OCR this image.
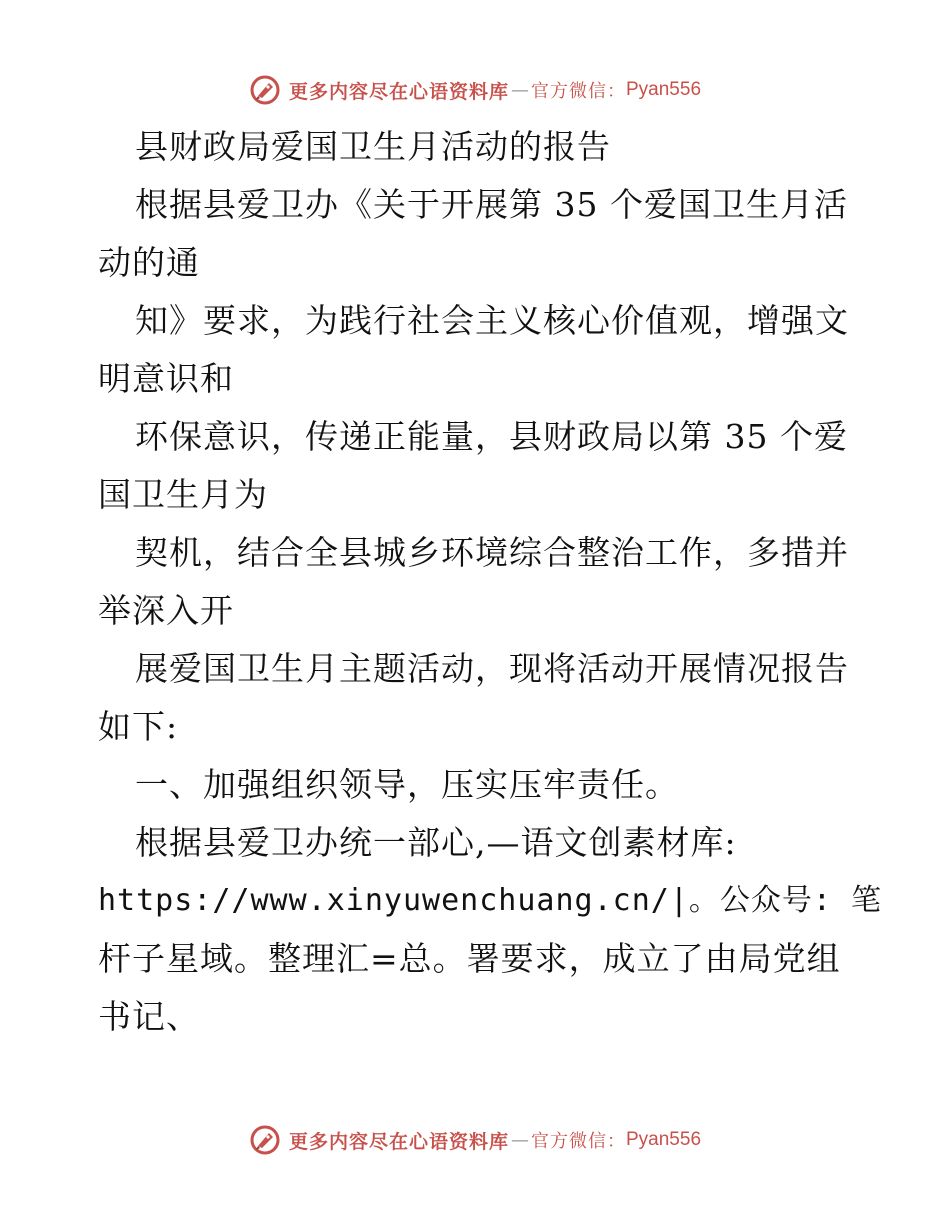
更多内容尽在心语资料库 — 官方微信： Pyan556
县财政局爱国卫生月活动的报告
根据县爱卫办《关于开展第 35 个爱国卫生月活
动的通
知》要求，为践行社会主义核心价值观，增强文
明意识和
环保意识，传递正能量，县财政局以第 35 个爱
国卫生月为
契机，结合全县城乡环境综合整治工作，多措并
举深入开
展爱国卫生月主题活动，现将活动开展情况报告
如下:
一、加强组织领导，压实压牢责任。
根据县爱卫办统一部心,—语文创素材库:
https://www.xinyuwenchuang.cn/|。公众号: 笔
杆子星域。整理汇=总。署要求，成立了由局党组
书记、
更多内容尽在心语资料库 — 官方微信： Pyan556
